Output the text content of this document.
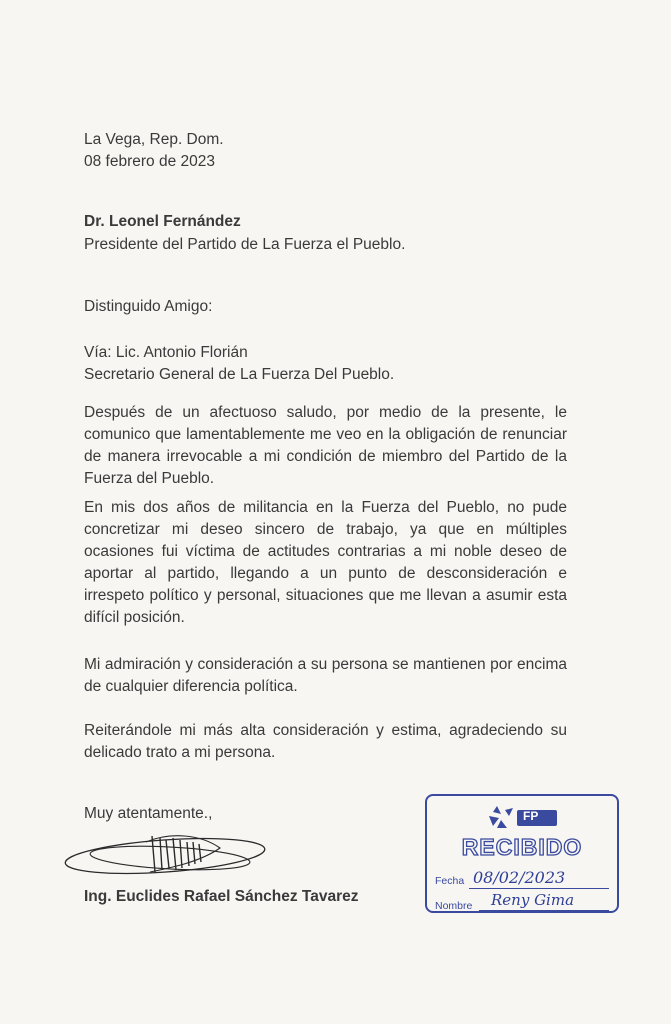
La Vega, Rep. Dom.
08 febrero de 2023
Dr. Leonel Fernández
Presidente del Partido de La Fuerza el Pueblo.
Distinguido Amigo:
Vía: Lic. Antonio Florián
Secretario General de La Fuerza Del Pueblo.
Después de un afectuoso saludo, por medio de la presente, le comunico que lamentablemente me veo en la obligación de renunciar de manera irrevocable a mi condición de miembro del Partido de la Fuerza del Pueblo.
En mis dos años de militancia en la Fuerza del Pueblo, no pude concretizar mi deseo sincero de trabajo, ya que en múltiples ocasiones fui víctima de actitudes contrarias a mi noble deseo de aportar al partido, llegando a un punto de desconsideración e irrespeto político y personal, situaciones que me llevan a asumir esta difícil posición.
Mi admiración y consideración a su persona se mantienen por encima de cualquier diferencia política.
Reiterándole mi más alta consideración y estima, agradeciendo su delicado trato a mi persona.
Muy atentamente.,
Ing. Euclides Rafael Sánchez Tavarez
FP
RECIBIDO
Fecha 08/02/2023
Nombre Reny Gima
